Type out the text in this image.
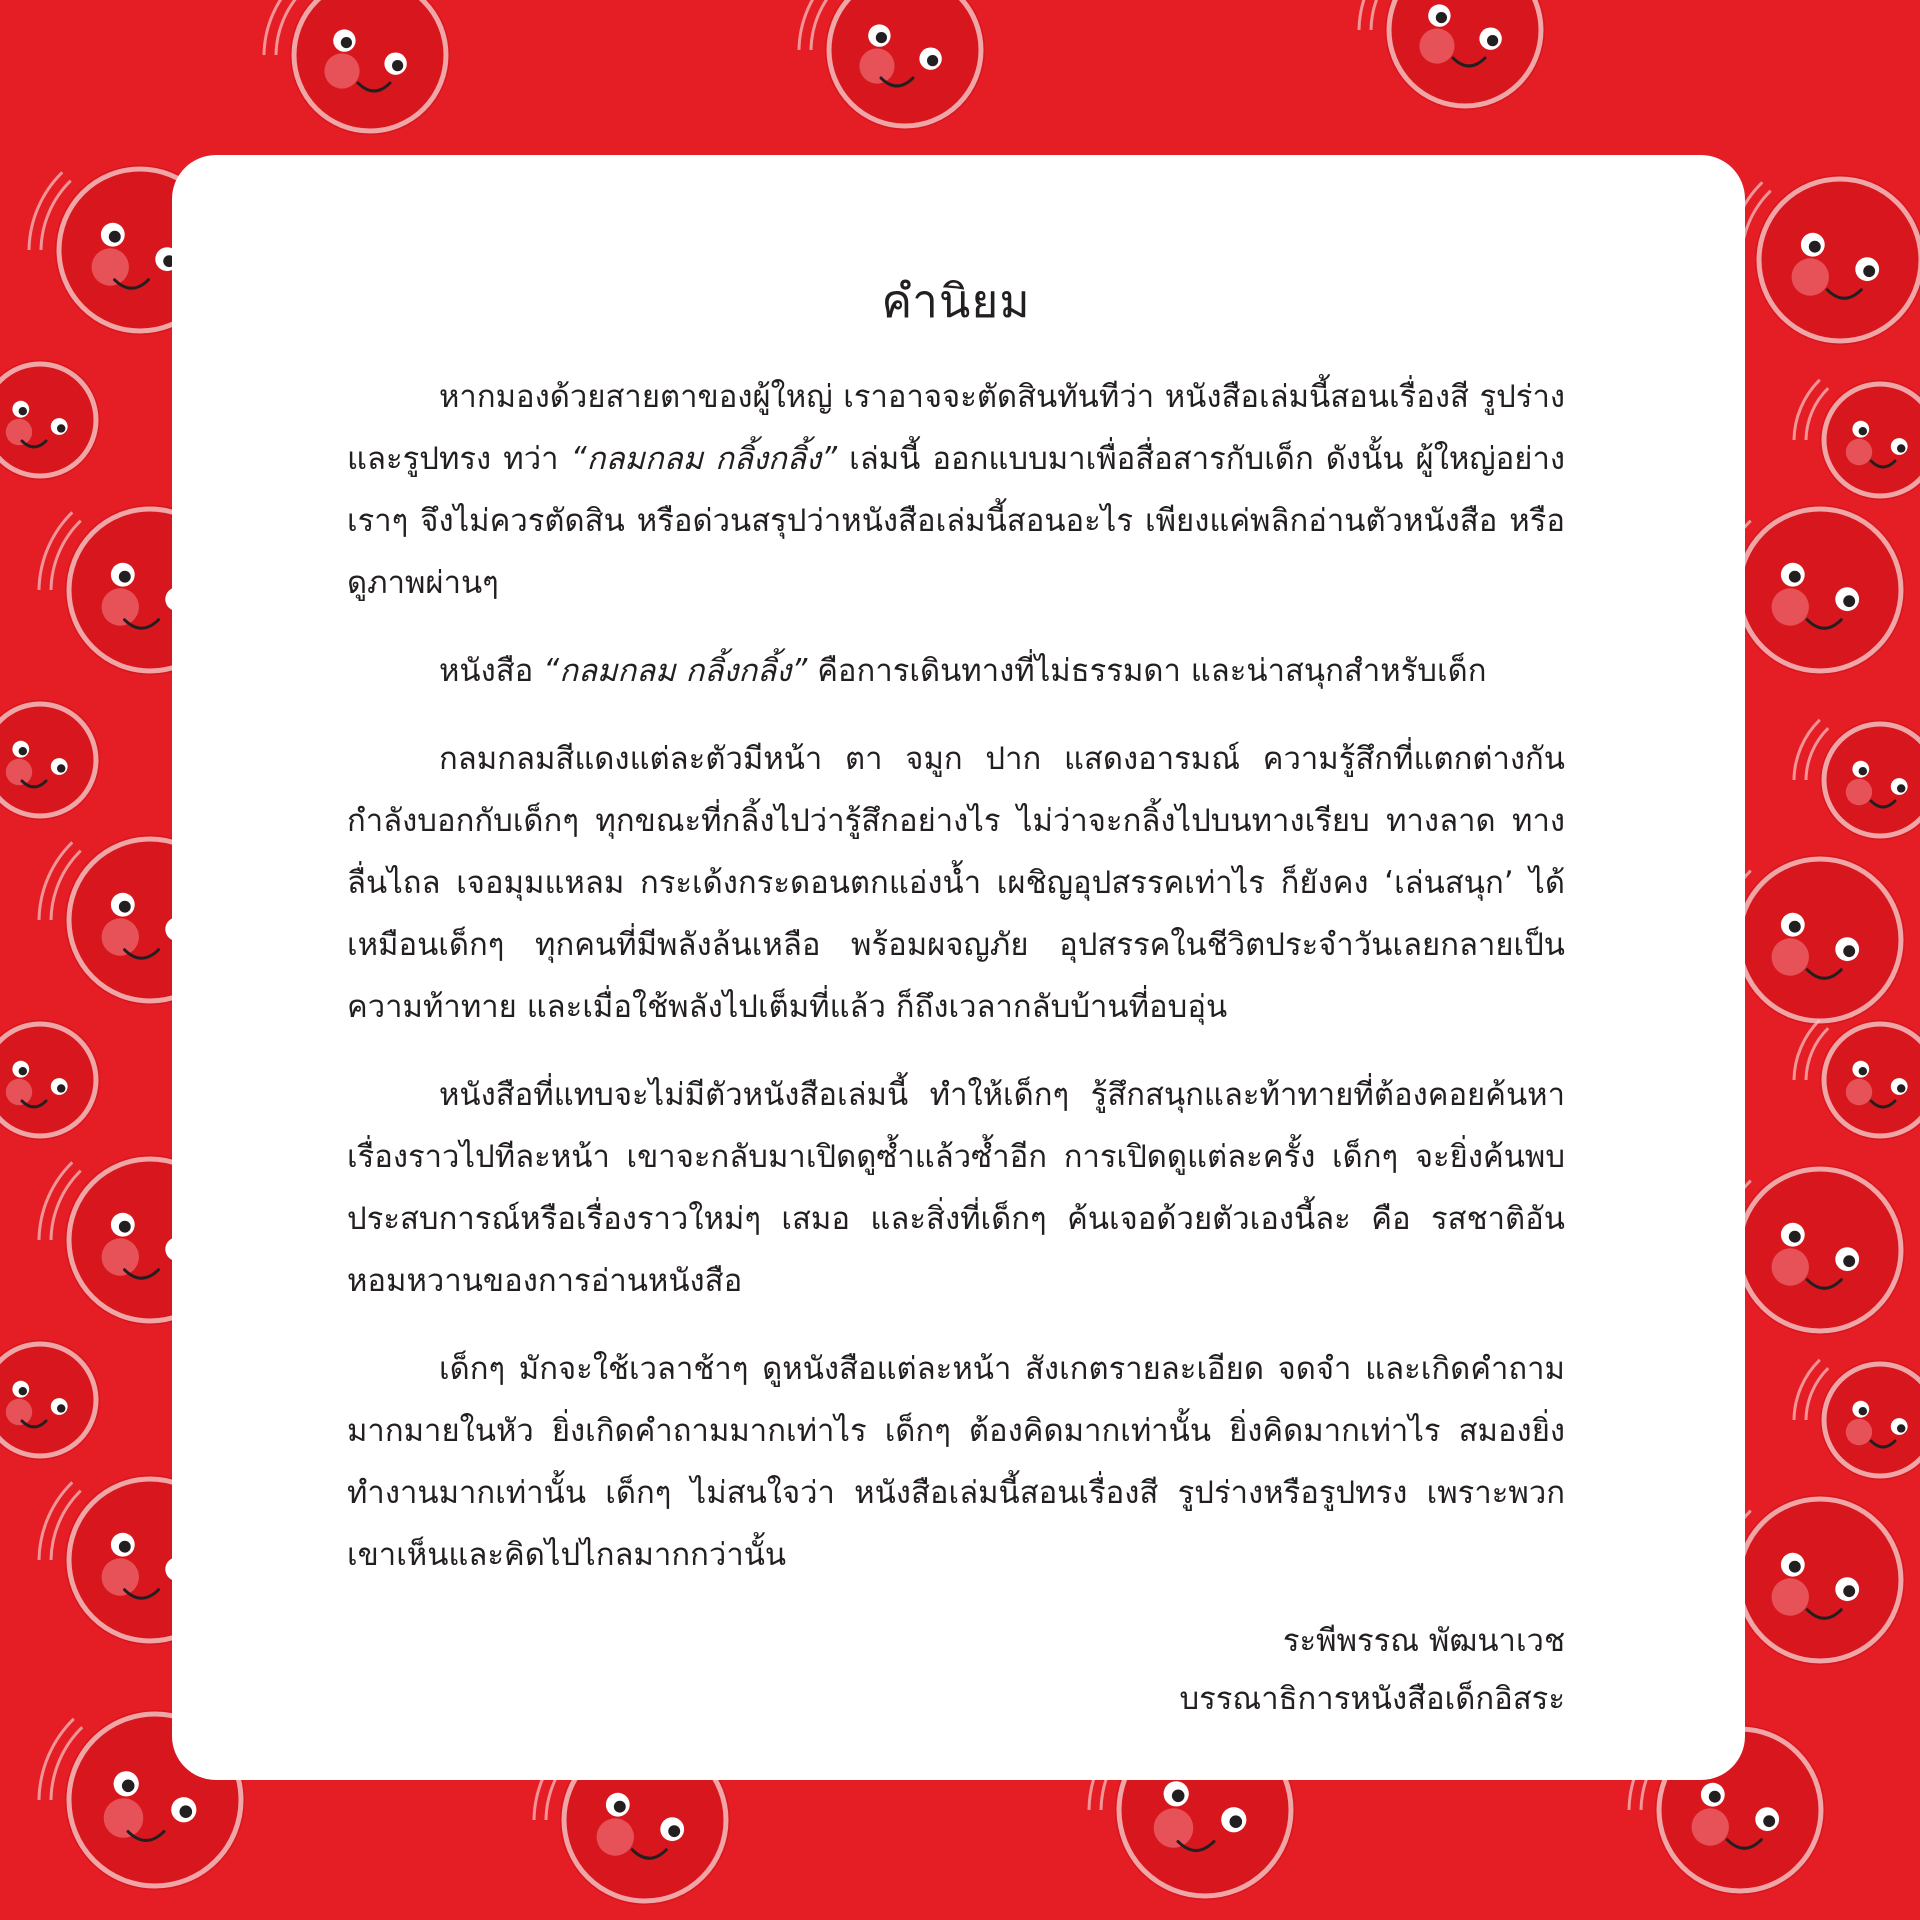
คำนิยม

หากมองด้วยสายตาของผู้ใหญ่ เราอาจจะตัดสินทันทีว่า หนังสือเล่มนี้สอนเรื่องสี รูปร่างและรูปทรง ทว่า “กลมกลม กลิ้งกลิ้ง” เล่มนี้ ออกแบบมาเพื่อสื่อสารกับเด็ก ดังนั้น ผู้ใหญ่อย่างเราๆ จึงไม่ควรตัดสิน หรือด่วนสรุปว่าหนังสือเล่มนี้สอนอะไร เพียงแค่พลิกอ่านตัวหนังสือ หรือดูภาพผ่านๆ

หนังสือ “กลมกลม กลิ้งกลิ้ง” คือการเดินทางที่ไม่ธรรมดา และน่าสนุกสำหรับเด็ก

กลมกลมสีแดงแต่ละตัวมีหน้า ตา จมูก ปาก แสดงอารมณ์ ความรู้สึกที่แตกต่างกัน กำลังบอกกับเด็กๆ ทุกขณะที่กลิ้งไปว่ารู้สึกอย่างไร ไม่ว่าจะกลิ้งไปบนทางเรียบ ทางลาด ทางลื่นไถล เจอมุมแหลม กระเด้งกระดอนตกแอ่งน้ำ เผชิญอุปสรรคเท่าไร ก็ยังคง ‘เล่นสนุก’ ได้ เหมือนเด็กๆ ทุกคนที่มีพลังล้นเหลือ พร้อมผจญภัย อุปสรรคในชีวิตประจำวันเลยกลายเป็นความท้าทาย และเมื่อใช้พลังไปเต็มที่แล้ว ก็ถึงเวลากลับบ้านที่อบอุ่น

หนังสือที่แทบจะไม่มีตัวหนังสือเล่มนี้ ทำให้เด็กๆ รู้สึกสนุกและท้าทายที่ต้องคอยค้นหาเรื่องราวไปทีละหน้า เขาจะกลับมาเปิดดูซ้ำแล้วซ้ำอีก การเปิดดูแต่ละครั้ง เด็กๆ จะยิ่งค้นพบประสบการณ์หรือเรื่องราวใหม่ๆ เสมอ และสิ่งที่เด็กๆ ค้นเจอด้วยตัวเองนี้ละ คือ รสชาติอันหอมหวานของการอ่านหนังสือ

เด็กๆ มักจะใช้เวลาช้าๆ ดูหนังสือแต่ละหน้า สังเกตรายละเอียด จดจำ และเกิดคำถามมากมายในหัว ยิ่งเกิดคำถามมากเท่าไร เด็กๆ ต้องคิดมากเท่านั้น ยิ่งคิดมากเท่าไร สมองยิ่งทำงานมากเท่านั้น เด็กๆ ไม่สนใจว่า หนังสือเล่มนี้สอนเรื่องสี รูปร่างหรือรูปทรง เพราะพวกเขาเห็นและคิดไปไกลมากกว่านั้น

ระพีพรรณ พัฒนาเวช
บรรณาธิการหนังสือเด็กอิสระ
